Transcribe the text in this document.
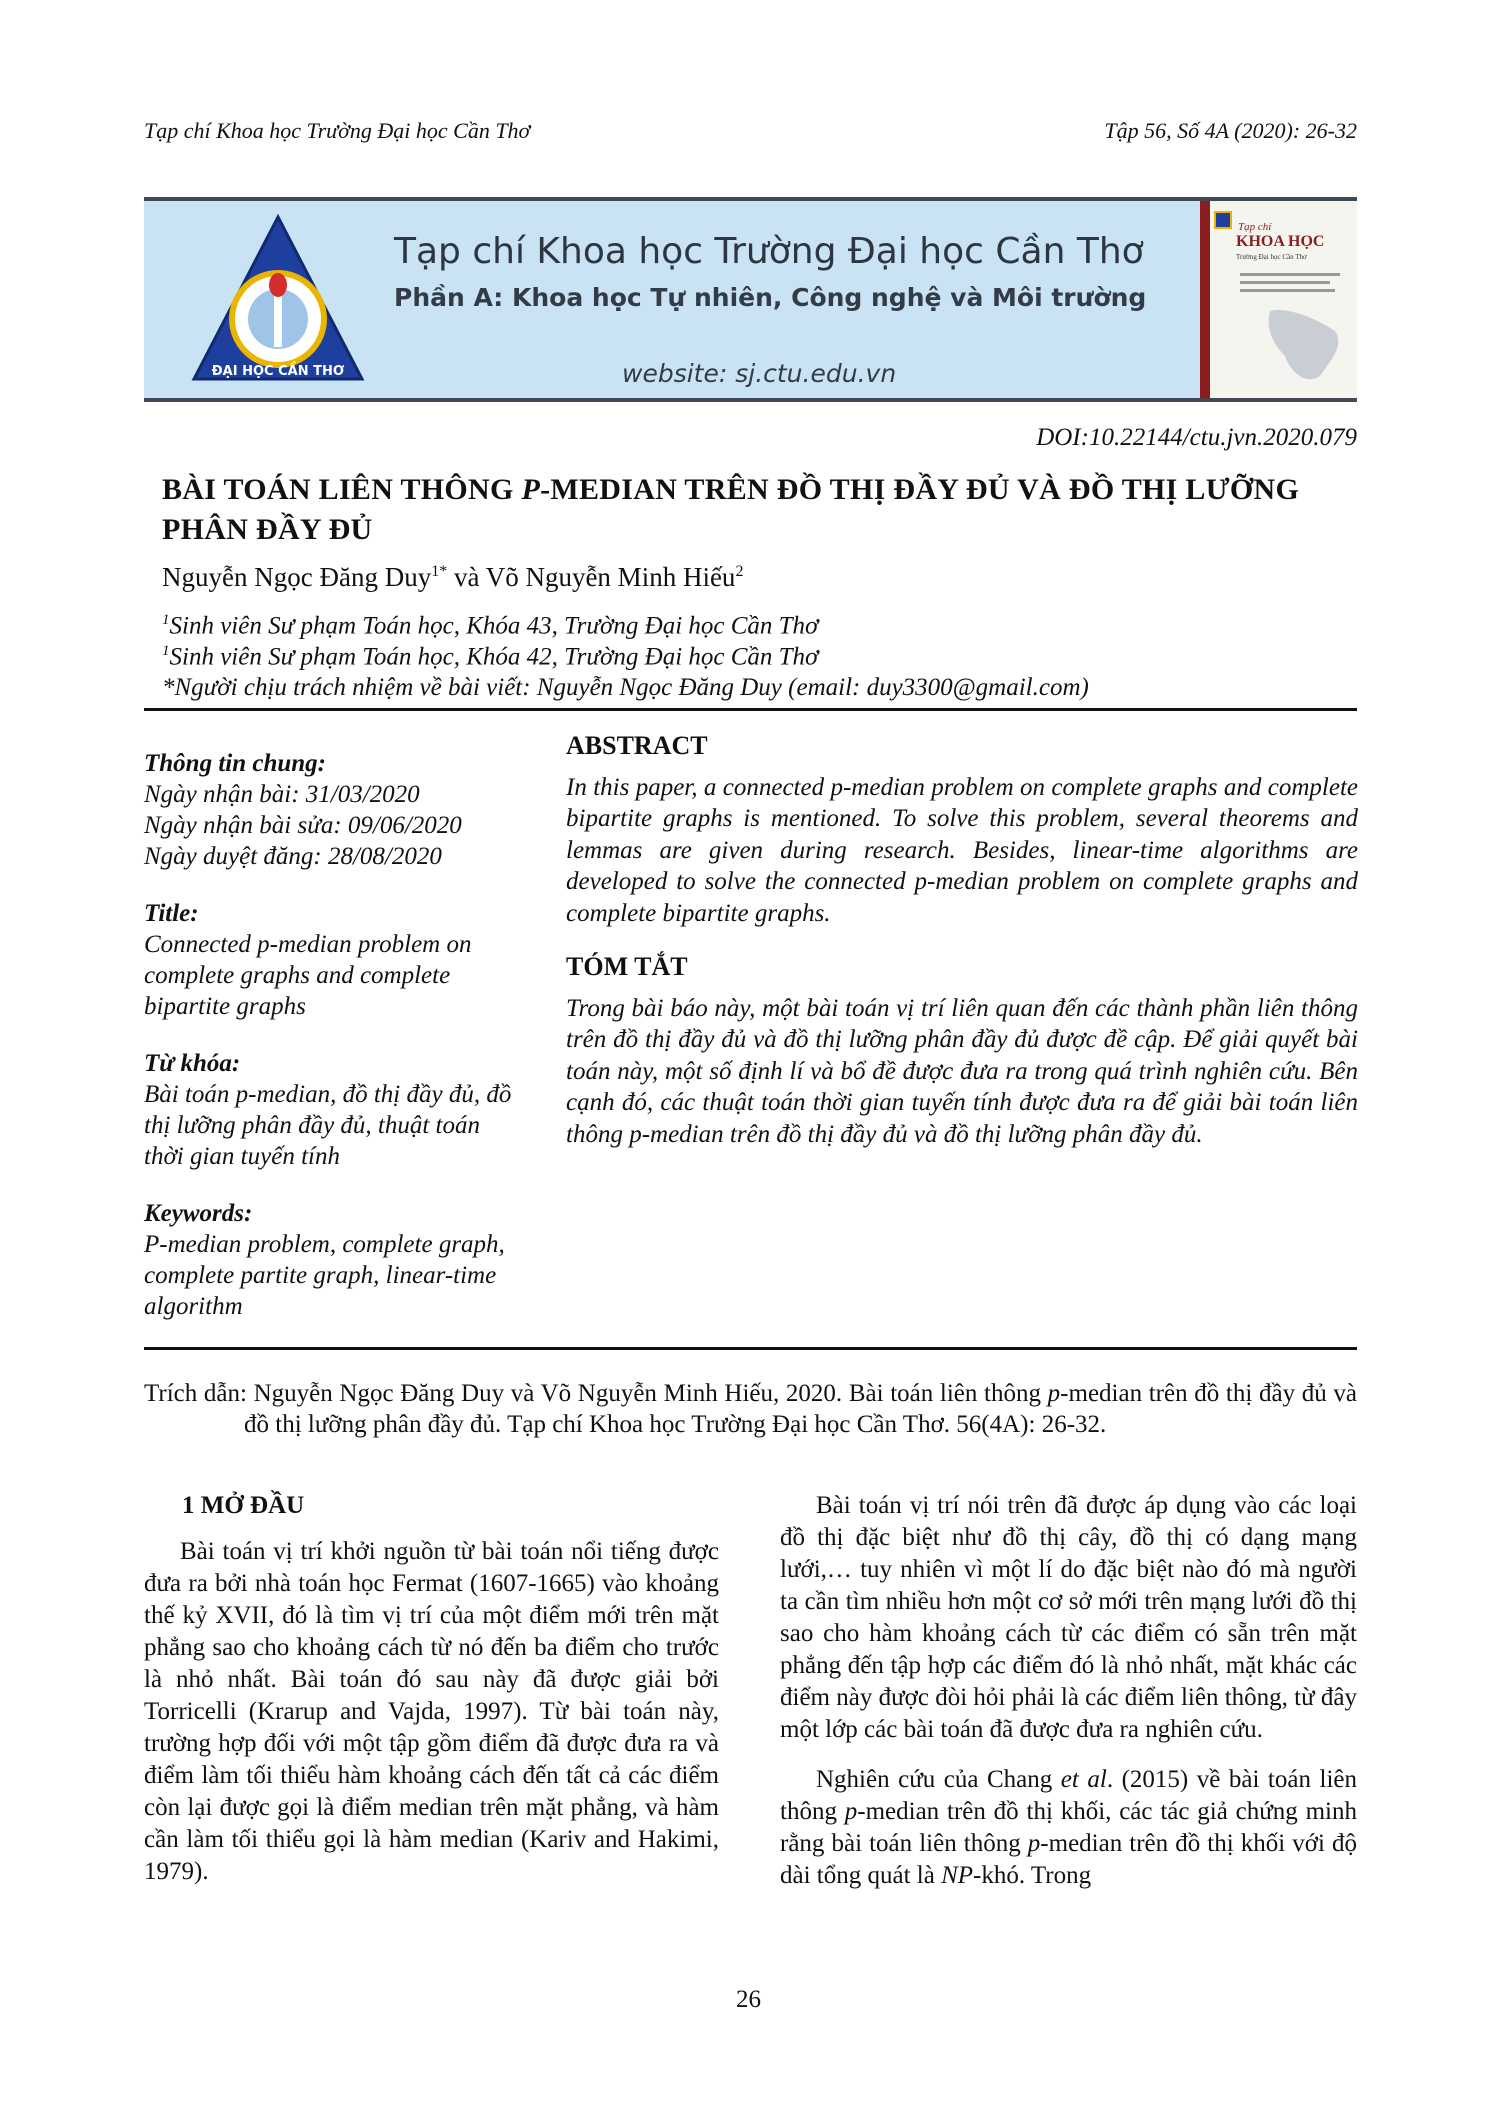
Tạp chí Khoa học Trường Đại học Cần Thơ	Tập 56, Số 4A (2020): 26-32
ĐẠI HỌC CẦN THƠ
Tạp chí Khoa học Trường Đại học Cần Thơ
Phần A: Khoa học Tự nhiên, Công nghệ và Môi trường
website: sj.ctu.edu.vn
Tạp chí
KHOA HỌC
Trường Đại học Cần Thơ
DOI:10.22144/ctu.jvn.2020.079
BÀI TOÁN LIÊN THÔNG P-MEDIAN TRÊN ĐỒ THỊ ĐẦY ĐỦ VÀ ĐỒ THỊ LƯỠNG PHÂN ĐẦY ĐỦ
Nguyễn Ngọc Đăng Duy$^{1*}$ và Võ Nguyễn Minh Hiếu$^2$
$^1$Sinh viên Sư phạm Toán học, Khóa 43, Trường Đại học Cần Thơ
$^1$Sinh viên Sư phạm Toán học, Khóa 42, Trường Đại học Cần Thơ
*Người chịu trách nhiệm về bài viết: Nguyễn Ngọc Đăng Duy (email: duy3300@gmail.com)
Thông tin chung:
Ngày nhận bài: 31/03/2020
Ngày nhận bài sửa: 09/06/2020
Ngày duyệt đăng: 28/08/2020
Title:
Connected p-median problem on complete graphs and complete bipartite graphs
Từ khóa:
Bài toán p-median, đồ thị đầy đủ, đồ thị lưỡng phân đầy đủ, thuật toán thời gian tuyến tính
Keywords:
P-median problem, complete graph, complete partite graph, linear-time algorithm
ABSTRACT
In this paper, a connected p-median problem on complete graphs and complete bipartite graphs is mentioned. To solve this problem, several theorems and lemmas are given during research. Besides, linear-time algorithms are developed to solve the connected p-median problem on complete graphs and complete bipartite graphs.
TÓM TẮT
Trong bài báo này, một bài toán vị trí liên quan đến các thành phần liên thông trên đồ thị đầy đủ và đồ thị lưỡng phân đầy đủ được đề cập. Để giải quyết bài toán này, một số định lí và bổ đề được đưa ra trong quá trình nghiên cứu. Bên cạnh đó, các thuật toán thời gian tuyến tính được đưa ra để giải bài toán liên thông p-median trên đồ thị đầy đủ và đồ thị lưỡng phân đầy đủ.
Trích dẫn: Nguyễn Ngọc Đăng Duy và Võ Nguyễn Minh Hiếu, 2020. Bài toán liên thông p-median trên đồ thị đầy đủ và đồ thị lưỡng phân đầy đủ. Tạp chí Khoa học Trường Đại học Cần Thơ. 56(4A): 26-32.
1 MỞ ĐẦU
Bài toán vị trí khởi nguồn từ bài toán nổi tiếng được đưa ra bởi nhà toán học Fermat (1607-1665) vào khoảng thế kỷ XVII, đó là tìm vị trí của một điểm mới trên mặt phẳng sao cho khoảng cách từ nó đến ba điểm cho trước là nhỏ nhất. Bài toán đó sau này đã được giải bởi Torricelli (Krarup and Vajda, 1997). Từ bài toán này, trường hợp đối với một tập gồm điểm đã được đưa ra và điểm làm tối thiểu hàm khoảng cách đến tất cả các điểm còn lại được gọi là điểm median trên mặt phẳng, và hàm cần làm tối thiểu gọi là hàm median (Kariv and Hakimi, 1979).
Bài toán vị trí nói trên đã được áp dụng vào các loại đồ thị đặc biệt như đồ thị cây, đồ thị có dạng mạng lưới,… tuy nhiên vì một lí do đặc biệt nào đó mà người ta cần tìm nhiều hơn một cơ sở mới trên mạng lưới đồ thị sao cho hàm khoảng cách từ các điểm có sẵn trên mặt phẳng đến tập hợp các điểm đó là nhỏ nhất, mặt khác các điểm này được đòi hỏi phải là các điểm liên thông, từ đây một lớp các bài toán đã được đưa ra nghiên cứu.
Nghiên cứu của Chang et al. (2015) về bài toán liên thông p-median trên đồ thị khối, các tác giả chứng minh rằng bài toán liên thông p-median trên đồ thị khối với độ dài tổng quát là NP-khó. Trong
26
